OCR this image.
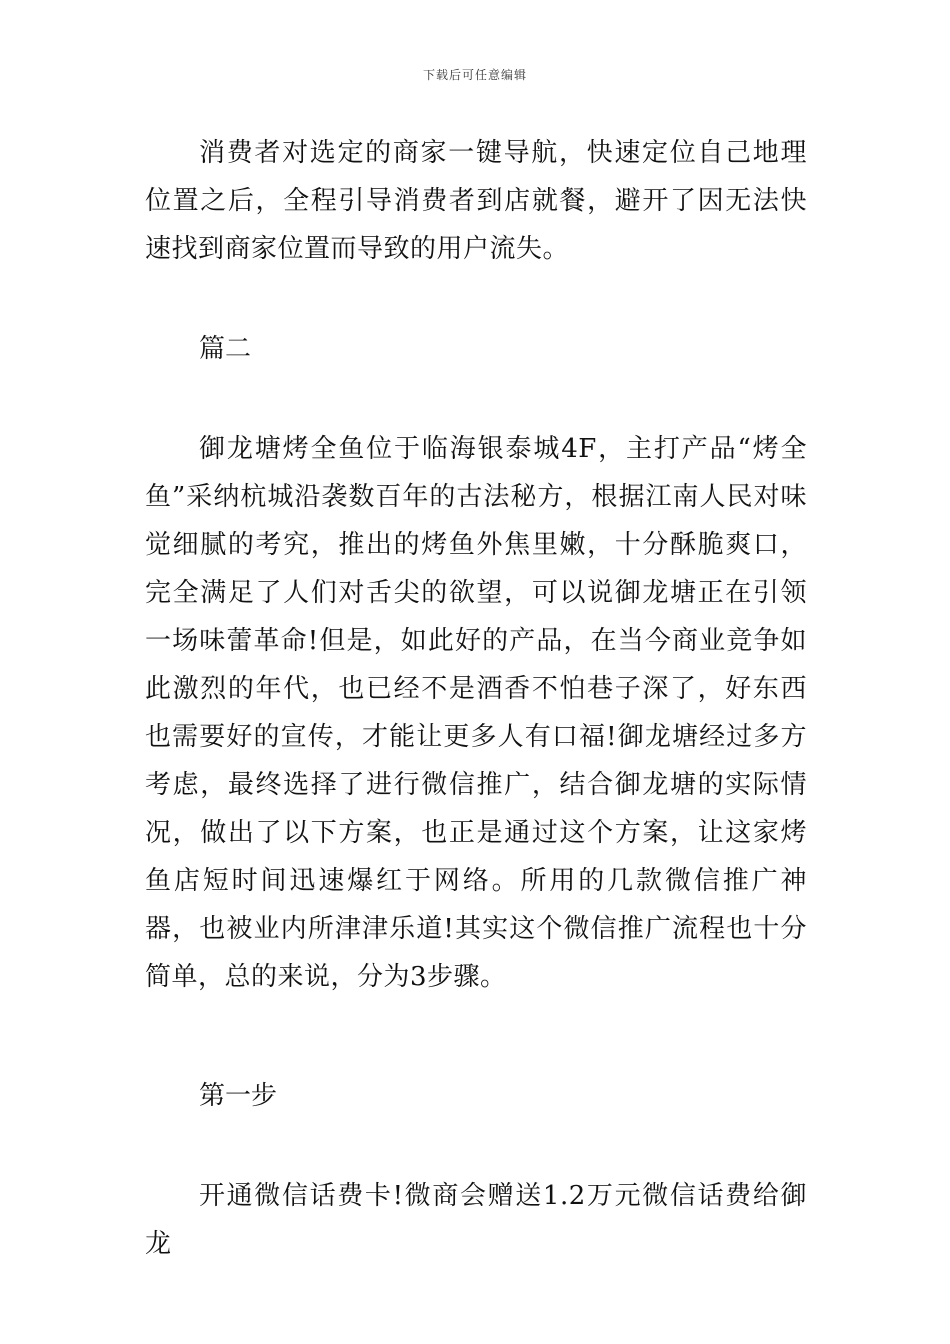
下载后可任意编辑

消费者对选定的商家一键导航，快速定位自己地理位置之后，全程引导消费者到店就餐，避开了因无法快速找到商家位置而导致的用户流失。

篇二

御龙塘烤全鱼位于临海银泰城4F，主打产品“烤全鱼”采纳杭城沿袭数百年的古法秘方，根据江南人民对味觉细腻的考究，推出的烤鱼外焦里嫩，十分酥脆爽口，完全满足了人们对舌尖的欲望，可以说御龙塘正在引领一场味蕾革命!但是，如此好的产品，在当今商业竞争如此激烈的年代，也已经不是酒香不怕巷子深了，好东西也需要好的宣传，才能让更多人有口福!御龙塘经过多方考虑，最终选择了进行微信推广，结合御龙塘的实际情况，做出了以下方案，也正是通过这个方案，让这家烤鱼店短时间迅速爆红于网络。所用的几款微信推广神器，也被业内所津津乐道!其实这个微信推广流程也十分简单，总的来说，分为3步骤。

第一步

开通微信话费卡!微商会赠送1.2万元微信话费给御龙
